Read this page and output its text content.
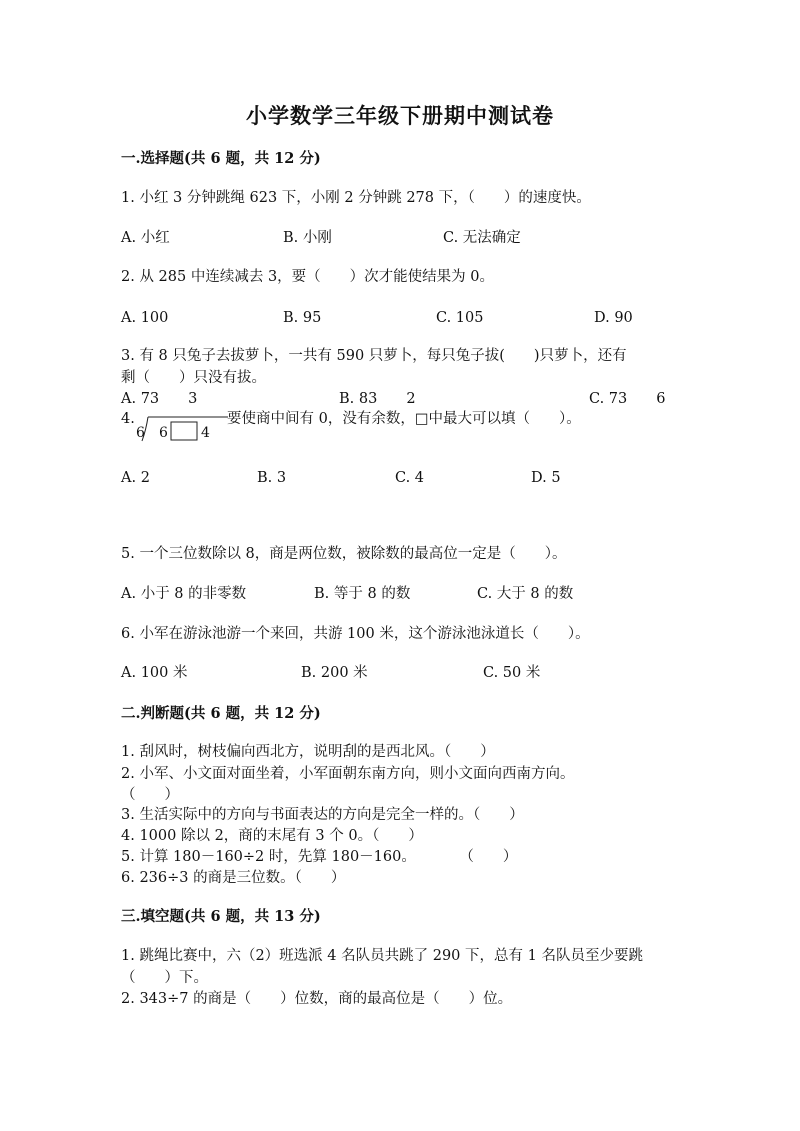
小学数学三年级下册期中测试卷
一.选择题(共 6 题，共 12 分)
1. 小红 3 分钟跳绳 623 下，小刚 2 分钟跳 278 下，（　　）的速度快。
A. 小红	B. 小刚	C. 无法确定
2. 从 285 中连续减去 3，要（　　）次才能使结果为 0。
A. 100	B. 95	C. 105	D. 90
3. 有 8 只兔子去拔萝卜，一共有 590 只萝卜，每只兔子拔(　　)只萝卜，还有
剩（　　）只没有拔。
A. 73　　3	B. 83　　2	C. 73　　6
4.
6 6 4
要使商中间有 0，没有余数，□中最大可以填（　　）。
A. 2	B. 3	C. 4	D. 5
5. 一个三位数除以 8，商是两位数，被除数的最高位一定是（　　）。
A. 小于 8 的非零数	B. 等于 8 的数	C. 大于 8 的数
6. 小军在游泳池游一个来回，共游 100 米，这个游泳池泳道长（　　）。
A. 100 米	B. 200 米	C. 50 米
二.判断题(共 6 题，共 12 分)
1. 刮风时，树枝偏向西北方，说明刮的是西北风。（　　）
2. 小军、小文面对面坐着，小军面朝东南方向，则小文面向西南方向。
（　　）
3. 生活实际中的方向与书面表达的方向是完全一样的。（　　）
4. 1000 除以 2，商的末尾有 3 个 0。（　　）
5. 计算 180－160÷2 时，先算 180－160。　　　　（　　）
6. 236÷3 的商是三位数。（　　）
三.填空题(共 6 题，共 13 分)
1. 跳绳比赛中，六（2）班选派 4 名队员共跳了 290 下，总有 1 名队员至少要跳
（　　）下。
2. 343÷7 的商是（　　）位数，商的最高位是（　　）位。
